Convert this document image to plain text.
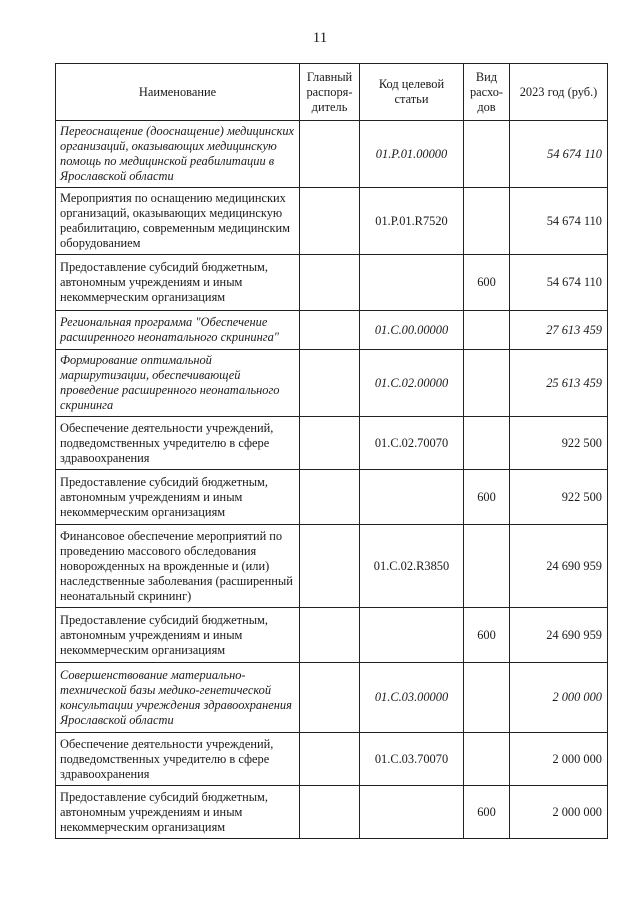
11
Наименование	Главный распоря-дитель	Код целевой статьи	Вид расхо-дов	2023 год (руб.)
Переоснащение (дооснащение) медицинских организаций, оказывающих медицинскую помощь по медицинской реабилитации в Ярославской области		01.Р.01.00000		54 674 110
Мероприятия по оснащению медицинских организаций, оказывающих медицинскую реабилитацию, современным медицинским оборудованием		01.Р.01.R7520		54 674 110
Предоставление субсидий бюджетным, автономным учреждениям и иным некоммерческим организациям			600	54 674 110
Региональная программа "Обеспечение расширенного неонатального скрининга"		01.С.00.00000		27 613 459
Формирование оптимальной маршрутизации, обеспечивающей проведение расширенного неонатального скрининга		01.С.02.00000		25 613 459
Обеспечение деятельности учреждений, подведомственных учредителю в сфере здравоохранения		01.С.02.70070		922 500
Предоставление субсидий бюджетным, автономным учреждениям и иным некоммерческим организациям			600	922 500
Финансовое обеспечение мероприятий по проведению массового обследования новорожденных на врожденные и (или) наследственные заболевания (расширенный неонатальный скрининг)		01.С.02.R3850		24 690 959
Предоставление субсидий бюджетным, автономным учреждениям и иным некоммерческим организациям			600	24 690 959
Совершенствование материально-технической базы медико-генетической консультации учреждения здравоохранения Ярославской области		01.С.03.00000		2 000 000
Обеспечение деятельности учреждений, подведомственных учредителю в сфере здравоохранения		01.С.03.70070		2 000 000
Предоставление субсидий бюджетным, автономным учреждениям и иным некоммерческим организациям			600	2 000 000
